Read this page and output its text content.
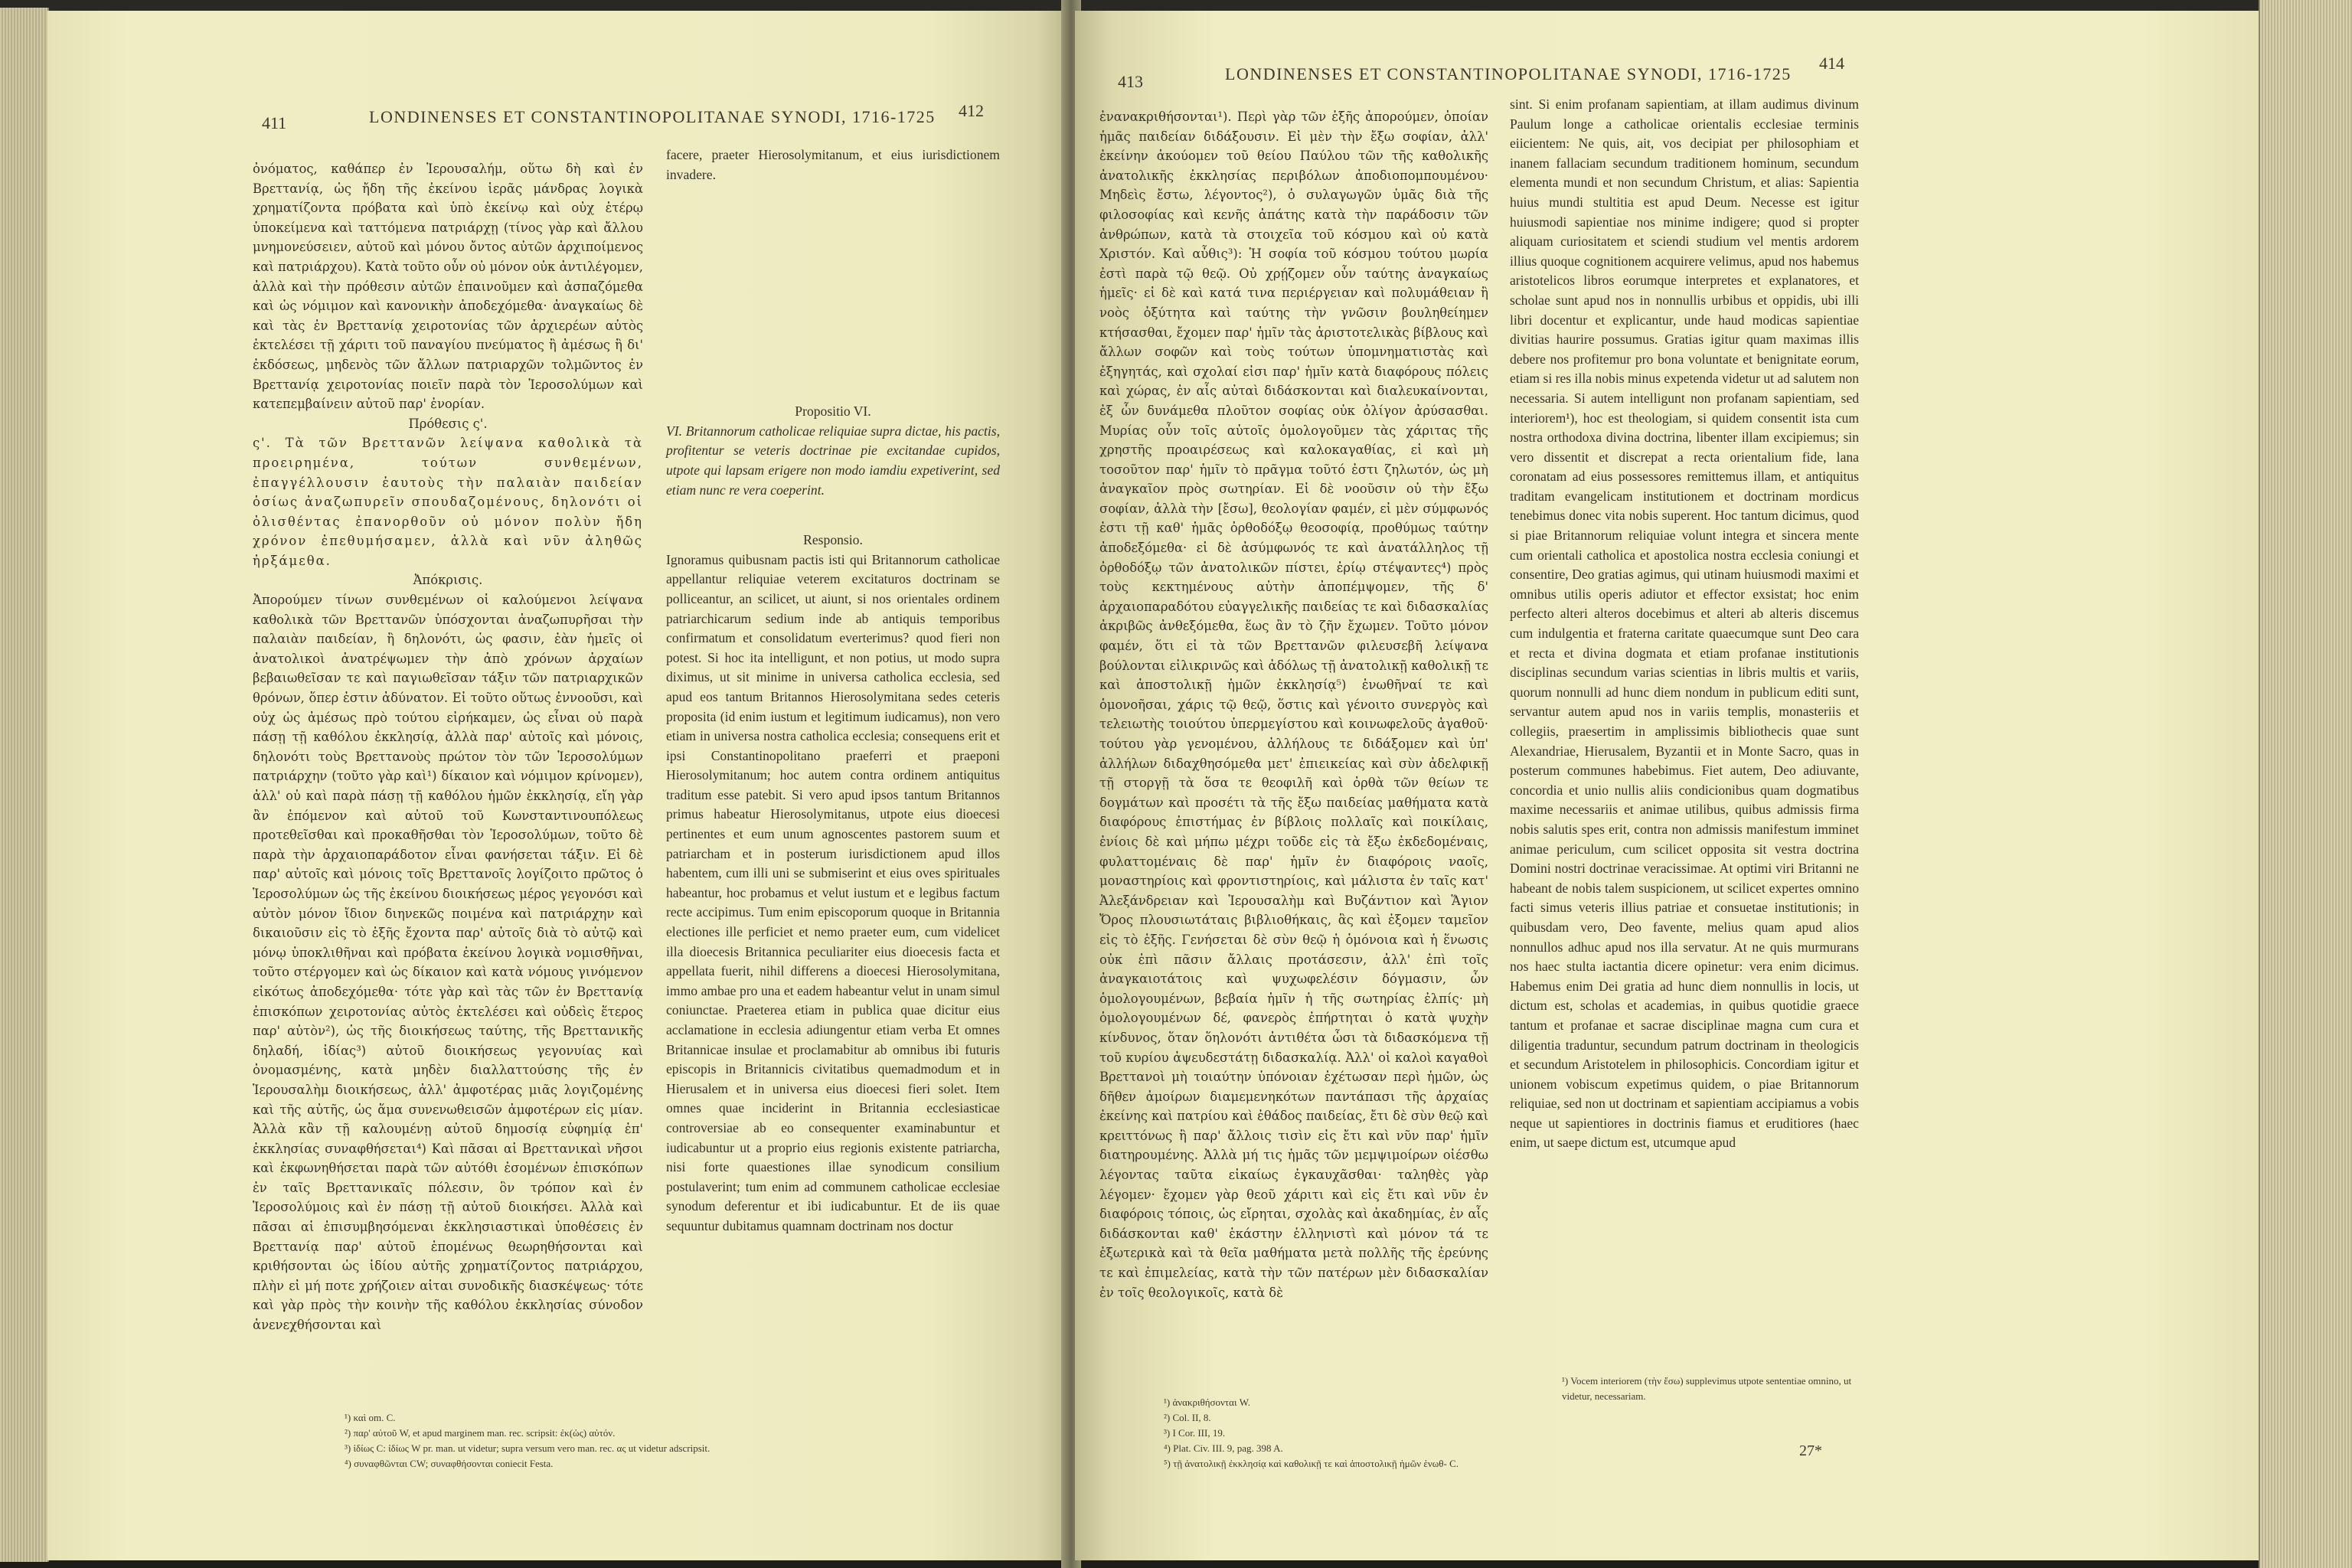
411	LONDINENSES ET CONSTANTINOPOLITANAE SYNODI, 1716-1725 412

ὀνόματος, καθάπερ ἐν Ἱερουσαλήμ, οὕτω δὴ καὶ ἐν Βρεττανίᾳ, ὡς ἤδη τῆς ἐκείνου ἱερᾶς μάνδρας λογικὰ χρηματίζοντα πρόβατα καὶ ὑπὸ ἐκείνῳ καὶ οὐχ ἑτέρῳ ὑποκείμενα καὶ ταττόμενα πατριάρχῃ (τίνος γὰρ καὶ ἄλλου μνημονεύσειεν, αὐτοῦ καὶ μόνου ὄντος αὐτῶν ἀρχιποίμενος καὶ πατριάρχου). Κατὰ τοῦτο οὖν οὐ μόνον οὐκ ἀντιλέγομεν, ἀλλὰ καὶ τὴν πρόθεσιν αὐτῶν ἐπαινοῦμεν καὶ ἀσπαζόμεθα καὶ ὡς νόμιμον καὶ κανονικὴν ἀποδεχόμεθα· ἀναγκαίως δὲ καὶ τὰς ἐν Βρεττανίᾳ χειροτονίας τῶν ἀρχιερέων αὐτὸς ἐκτελέσει τῇ χάριτι τοῦ παναγίου πνεύματος ἢ ἀμέσως ἢ δι' ἐκδόσεως, μηδενὸς τῶν ἄλλων πατριαρχῶν τολμῶντος ἐν Βρεττανίᾳ χειροτονίας ποιεῖν παρὰ τὸν Ἱεροσολύμων καὶ κατεπεμβαίνειν αὐτοῦ παρ' ἐνορίαν.

Πρόθεσις ς'.

ς'. Τὰ τῶν Βρεττανῶν λείψανα καθολικὰ τὰ προειρημένα, τούτων συνθεμένων, ἐπαγγέλλουσιν ἑαυτοὺς τὴν παλαιὰν παιδείαν ὁσίως ἀναζωπυρεῖν σπουδαζομένους, δηλονότι οἱ ὀλισθέντας ἐπανορθοῦν οὐ μόνον πολὺν ἤδη χρόνον ἐπεθυμήσαμεν, ἀλλὰ καὶ νῦν ἀληθῶς ἠρξάμεθα.

Ἀπόκρισις.

Ἀπορούμεν τίνων συνθεμένων οἱ καλούμενοι λείψανα καθολικὰ τῶν Βρεττανῶν ὑπόσχονται ἀναζωπυρῆσαι τὴν παλαιὰν παιδείαν, ἢ δηλονότι, ὡς φασιν, ἐὰν ἡμεῖς οἱ ἀνατολικοὶ ἀνατρέψωμεν τὴν ἀπὸ χρόνων ἀρχαίων βεβαιωθεῖσαν τε καὶ παγιωθεῖσαν τάξιν τῶν πατριαρχικῶν θρόνων, ὅπερ ἐστιν ἀδύνατον. Εἰ τοῦτο οὕτως ἐννοοῦσι, καὶ οὐχ ὡς ἀμέσως πρὸ τούτου εἰρήκαμεν, ὡς εἶναι οὐ παρὰ πάσῃ τῇ καθόλου ἐκκλησίᾳ, ἀλλὰ παρ' αὐτοῖς καὶ μόνοις, δηλονότι τοὺς Βρεττανοὺς πρώτον τὸν τῶν Ἱεροσολύμων πατριάρχην (τοῦτο γὰρ καὶ¹) δίκαιον καὶ νόμιμον κρίνομεν), ἀλλ' οὐ καὶ παρὰ πάσῃ τῇ καθόλου ἡμῶν ἐκκλησίᾳ, εἴη γὰρ ἂν ἑπόμενον καὶ αὐτοῦ τοῦ Κωνσταντινουπόλεως προτεθεῖσθαι καὶ προκαθῆσθαι τὸν Ἱεροσολύμων, τοῦτο δὲ παρὰ τὴν ἀρχαιοπαράδοτον εἶναι φανήσεται τάξιν. Εἰ δὲ παρ' αὐτοῖς καὶ μόνοις τοῖς Βρεττανοῖς λογίζοιτο πρῶτος ὁ Ἱεροσολύμων ὡς τῆς ἐκείνου διοικήσεως μέρος γεγονόσι καὶ αὐτὸν μόνον ἴδιον διηνεκῶς ποιμένα καὶ πατριάρχην καὶ δικαιοῦσιν εἰς τὸ ἑξῆς ἔχοντα παρ' αὐτοῖς διὰ τὸ αὐτῷ καὶ μόνῳ ὑποκλιθῆναι καὶ πρόβατα ἐκείνου λογικὰ νομισθῆναι, τοῦτο στέργομεν καὶ ὡς δίκαιον καὶ κατὰ νόμους γινόμενον εἰκότως ἀποδεχόμεθα· τότε γὰρ καὶ τὰς τῶν ἐν Βρεττανίᾳ ἐπισκόπων χειροτονίας αὐτὸς ἐκτελέσει καὶ οὐδεὶς ἕτερος παρ' αὐτὸν²), ὡς τῆς διοικήσεως ταύτης, τῆς Βρεττανικῆς δηλαδή, ἰδίας³) αὐτοῦ διοικήσεως γεγονυίας καὶ ὀνομασμένης, κατὰ μηδὲν διαλλαττούσης τῆς ἐν Ἱερουσαλὴμ διοικήσεως, ἀλλ' ἀμφοτέρας μιᾶς λογιζομένης καὶ τῆς αὐτῆς, ὡς ἅμα συνενωθεισῶν ἀμφοτέρων εἰς μίαν. Ἀλλὰ κἂν τῇ καλουμένῃ αὐτοῦ δημοσίᾳ εὐφημίᾳ ἐπ' ἐκκλησίας συναφθήσεται⁴) Καὶ πᾶσαι αἱ Βρεττανικαὶ νῆσοι καὶ ἐκφωνηθήσεται παρὰ τῶν αὐτόθι ἐσομένων ἐπισκόπων ἐν ταῖς Βρεττανικαῖς πόλεσιν, ὃν τρόπον καὶ ἐν Ἱεροσολύμοις καὶ ἐν πάσῃ τῇ αὐτοῦ διοικήσει. Ἀλλὰ καὶ πᾶσαι αἱ ἐπισυμβησόμεναι ἐκκλησιαστικαὶ ὑποθέσεις ἐν Βρεττανίᾳ παρ' αὐτοῦ ἑπομένως θεωρηθήσονται καὶ κριθήσονται ὡς ἰδίου αὐτῆς χρηματίζοντος πατριάρχου, πλὴν εἰ μή ποτε χρήζοιεν αἱται συνοδικῆς διασκέψεως· τότε καὶ γὰρ πρὸς τὴν κοινὴν τῆς καθόλου ἐκκλησίας σύνοδον ἀνενεχθήσονται καὶ

facere, praeter Hierosolymitanum, et eius iurisdictionem invadere.

Propositio VI.

VI. Britannorum catholicae reliquiae supra dictae, his pactis, profitentur se veteris doctrinae pie excitandae cupidos, utpote qui lapsam erigere non modo iamdiu expetiverint, sed etiam nunc re vera coeperint.

Responsio.

Ignoramus quibusnam pactis isti qui Britannorum catholicae appellantur reliquiae veterem excitaturos doctrinam se polliceantur, an scilicet, ut aiunt, si nos orientales ordinem patriarchicarum sedium inde ab antiquis temporibus confirmatum et consolidatum everterimus? quod fieri non potest. Si hoc ita intelligunt, et non potius, ut modo supra diximus, ut sit minime in universa catholica ecclesia, sed apud eos tantum Britannos Hierosolymitana sedes ceteris proposita (id enim iustum et legitimum iudicamus), non vero etiam in universa nostra catholica ecclesia; consequens erit et ipsi Constantinopolitano praeferri et praeponi Hierosolymitanum; hoc autem contra ordinem antiquitus traditum esse patebit. Si vero apud ipsos tantum Britannos primus habeatur Hierosolymitanus, utpote eius dioecesi pertinentes et eum unum agnoscentes pastorem suum et patriarcham et in posterum iurisdictionem apud illos habentem, cum illi uni se submiserint et eius oves spirituales habeantur, hoc probamus et velut iustum et e legibus factum recte accipimus. Tum enim episcoporum quoque in Britannia electiones ille perficiet et nemo praeter eum, cum videlicet illa dioecesis Britannica peculiariter eius dioecesis facta et appellata fuerit, nihil differens a dioecesi Hierosolymitana, immo ambae pro una et eadem habeantur velut in unam simul coniunctae. Praeterea etiam in publica quae dicitur eius acclamatione in ecclesia adiungentur etiam verba Et omnes Britannicae insulae et proclamabitur ab omnibus ibi futuris episcopis in Britannicis civitatibus quemadmodum et in Hierusalem et in universa eius dioecesi fieri solet. Item omnes quae inciderint in Britannia ecclesiasticae controversiae ab eo consequenter examinabuntur et iudicabuntur ut a proprio eius regionis existente patriarcha, nisi forte quaestiones illae synodicum consilium postulaverint; tum enim ad communem catholicae ecclesiae synodum deferentur et ibi iudicabuntur. Et de iis quae sequuntur dubitamus quamnam doctrinam nos doctur

¹) καὶ om. C.
²) παρ' αὐτοῦ W, et apud marginem man. rec. scripsit: ἐκ(ὡς) αὐτόν.
³) ἰδίως C: ἰδίως W pr. man. ut videtur; supra versum vero man. rec. ας ut videtur adscripsit.
⁴) συναφθῶνται CW; συναφθήσονται coniecit Festa.
413	LONDINENSES ET CONSTANTINOPOLITANAE SYNODI, 1716-1725
414

ἐνανακριθήσονται¹). Περὶ γὰρ τῶν ἑξῆς ἀπορούμεν, ὁποίαν ἡμᾶς παιδείαν διδάξουσιν. Εἰ μὲν τὴν ἔξω σοφίαν, ἀλλ' ἐκείνην ἀκούομεν τοῦ θείου Παύλου τῶν τῆς καθολικῆς ἀνατολικῆς ἐκκλησίας περιβόλων ἀποδιοπομπουμένου· Μηδεὶς ἔστω, λέγοντος²), ὁ συλαγωγῶν ὑμᾶς διὰ τῆς φιλοσοφίας καὶ κενῆς ἀπάτης κατὰ τὴν παράδοσιν τῶν ἀνθρώπων, κατὰ τὰ στοιχεῖα τοῦ κόσμου καὶ οὐ κατὰ Χριστόν. Καὶ αὖθις³): Ἡ σοφία τοῦ κόσμου τούτου μωρία ἐστὶ παρὰ τῷ θεῷ. Οὐ χρῄζομεν οὖν ταύτης ἀναγκαίως ἡμεῖς· εἰ δὲ καὶ κατά τινα περιέργειαν καὶ πολυμάθειαν ἢ νοὸς ὀξύτητα καὶ ταύτης τὴν γνῶσιν βουληθείημεν κτήσασθαι, ἔχομεν παρ' ἡμῖν τὰς ἀριστοτελικὰς βίβλους καὶ ἄλλων σοφῶν καὶ τοὺς τούτων ὑπομνηματιστὰς καὶ ἐξηγητάς, καὶ σχολαί εἰσι παρ' ἡμῖν κατὰ διαφόρους πόλεις καὶ χώρας, ἐν αἷς αὐταὶ διδάσκονται καὶ διαλευκαίνονται, ἐξ ὧν δυνάμεθα πλοῦτον σοφίας οὐκ ὀλίγον ἀρύσασθαι. Μυρίας οὖν τοῖς αὐτοῖς ὁμολογοῦμεν τὰς χάριτας τῆς χρηστῆς προαιρέσεως καὶ καλοκαγαθίας, εἰ καὶ μὴ τοσοῦτον παρ' ἡμῖν τὸ πρᾶγμα τοῦτό ἐστι ζηλωτόν, ὡς μὴ ἀναγκαῖον πρὸς σωτηρίαν. Εἰ δὲ νοοῦσιν οὐ τὴν ἔξω σοφίαν, ἀλλὰ τὴν [ἔσω], θεολογίαν φαμέν, εἰ μὲν σύμφωνός ἐστι τῇ καθ' ἡμᾶς ὀρθοδόξῳ θεοσοφίᾳ, προθύμως ταύτην ἀποδεξόμεθα· εἰ δὲ ἀσύμφωνός τε καὶ ἀνατάλληλος τῇ ὀρθοδόξῳ τῶν ἀνατολικῶν πίστει, ἐρίῳ στέψαντες⁴) πρὸς τοὺς κεκτημένους αὐτὴν ἀποπέμψομεν, τῆς δ' ἀρχαιοπαραδότου εὐαγγελικῆς παιδείας τε καὶ διδασκαλίας ἀκριβῶς ἀνθεξόμεθα, ἕως ἂν τὸ ζῆν ἔχωμεν. Τοῦτο μόνον φαμέν, ὅτι εἰ τὰ τῶν Βρεττανῶν φιλευσεβῆ λείψανα βούλονται εἰλικρινῶς καὶ ἀδόλως τῇ ἀνατολικῇ καθολικῇ τε καὶ ἀποστολικῇ ἡμῶν ἐκκλησίᾳ⁵) ἑνωθῆναί τε καὶ ὁμονοῆσαι, χάρις τῷ θεῷ, ὅστις καὶ γένοιτο συνεργὸς καὶ τελειωτὴς τοιούτου ὑπερμεγίστου καὶ κοινωφελοῦς ἀγαθοῦ· τούτου γὰρ γενομένου, ἀλλήλους τε διδάξομεν καὶ ὑπ' ἀλλήλων διδαχθησόμεθα μετ' ἐπιεικείας καὶ σὺν ἀδελφικῇ τῇ στοργῇ τὰ ὅσα τε θεοφιλῆ καὶ ὀρθὰ τῶν θείων τε δογμάτων καὶ προσέτι τὰ τῆς ἔξω παιδείας μαθήματα κατὰ διαφόρους ἐπιστήμας ἐν βίβλοις πολλαῖς καὶ ποικίλαις, ἐνίοις δὲ καὶ μήπω μέχρι τοῦδε εἰς τὰ ἔξω ἐκδεδομέναις, φυλαττομέναις δὲ παρ' ἡμῖν ἐν διαφόροις ναοῖς, μοναστηρίοις καὶ φροντιστηρίοις, καὶ μάλιστα ἐν ταῖς κατ' Ἀλεξάνδρειαν καὶ Ἱερουσαλὴμ καὶ Βυζάντιον καὶ Ἅγιον Ὄρος πλουσιωτάταις βιβλιοθήκαις, ἃς καὶ ἐξομεν ταμεῖον εἰς τὸ ἑξῆς. Γενήσεται δὲ σὺν θεῷ ἡ ὁμόνοια καὶ ἡ ἕνωσις οὐκ ἐπὶ πᾶσιν ἄλλαις προτάσεσιν, ἀλλ' ἐπὶ τοῖς ἀναγκαιοτάτοις καὶ ψυχωφελέσιν δόγμασιν, ὧν ὁμολογουμένων, βεβαία ἡμῖν ἡ τῆς σωτηρίας ἐλπίς· μὴ ὁμολογουμένων δέ, φανερὸς ἐπήρτηται ὁ κατὰ ψυχὴν κίνδυνος, ὅταν ὅηλονότι ἀντιθέτα ὦσι τὰ διδασκόμενα τῇ τοῦ κυρίου ἀψευδεστάτῃ διδασκαλίᾳ. Ἀλλ' οἱ καλοὶ καγαθοὶ Βρεττανοὶ μὴ τοιαύτην ὑπόνοιαν ἐχέτωσαν περὶ ἡμῶν, ὡς δῆθεν ἀμοίρων διαμεμενηκότων παντάπασι τῆς ἀρχαίας ἐκείνης καὶ πατρίου καὶ ἐθάδος παιδείας, ἔτι δὲ σὺν θεῷ καὶ κρειττόνως ἢ παρ' ἄλλοις τισὶν εἰς ἔτι καὶ νῦν παρ' ἡμῖν διατηρουμένης. Ἀλλὰ μή τις ἡμᾶς τῶν μεμψιμοίρων οἰέσθω λέγοντας ταῦτα εἰκαίως ἐγκαυχᾶσθαι· ταληθὲς γὰρ λέγομεν· ἔχομεν γὰρ θεοῦ χάριτι καὶ εἰς ἔτι καὶ νῦν ἐν διαφόροις τόποις, ὡς εἴρηται, σχολὰς καὶ ἀκαδημίας, ἐν αἷς διδάσκονται καθ' ἑκάστην ἑλληνιστὶ καὶ μόνον τά τε ἐξωτερικὰ καὶ τὰ θεῖα μαθήματα μετὰ πολλῆς τῆς ἐρεύνης τε καὶ ἐπιμελείας, κατὰ τὴν τῶν πατέρων μὲν διδασκαλίαν ἐν τοῖς θεολογικοῖς, κατὰ δὲ

sint. Si enim profanam sapientiam, at illam audimus divinum Paulum longe a catholicae orientalis ecclesiae terminis eiicientem: Ne quis, ait, vos decipiat per philosophiam et inanem fallaciam secundum traditionem hominum, secundum elementa mundi et non secundum Christum, et alias: Sapientia huius mundi stultitia est apud Deum. Necesse est igitur huiusmodi sapientiae nos minime indigere; quod si propter aliquam curiositatem et sciendi studium vel mentis ardorem illius quoque cognitionem acquirere velimus, apud nos habemus aristotelicos libros eorumque interpretes et explanatores, et scholae sunt apud nos in nonnullis urbibus et oppidis, ubi illi libri docentur et explicantur, unde haud modicas sapientiae divitias haurire possumus. Gratias igitur quam maximas illis debere nos profitemur pro bona voluntate et benignitate eorum, etiam si res illa nobis minus expetenda videtur ut ad salutem non necessaria. Si autem intelligunt non profanam sapientiam, sed interiorem¹), hoc est theologiam, si quidem consentit ista cum nostra orthodoxa divina doctrina, libenter illam excipiemus; sin vero dissentit et discrepat a recta orientalium fide, lana coronatam ad eius possessores remittemus illam, et antiquitus traditam evangelicam institutionem et doctrinam mordicus tenebimus donec vita nobis superent. Hoc tantum dicimus, quod si piae Britannorum reliquiae volunt integra et sincera mente cum orientali catholica et apostolica nostra ecclesia coniungi et consentire, Deo gratias agimus, qui utinam huiusmodi maximi et omnibus utilis operis adiutor et effector exsistat; hoc enim perfecto alteri alteros docebimus et alteri ab alteris discemus cum indulgentia et fraterna caritate quaecumque sunt Deo cara et recta et divina dogmata et etiam profanae institutionis disciplinas secundum varias scientias in libris multis et variis, quorum nonnulli ad hunc diem nondum in publicum editi sunt, servantur autem apud nos in variis templis, monasteriis et collegiis, praesertim in amplissimis bibliothecis quae sunt Alexandriae, Hierusalem, Byzantii et in Monte Sacro, quas in posterum communes habebimus. Fiet autem, Deo adiuvante, concordia et unio nullis aliis condicionibus quam dogmatibus maxime necessariis et animae utilibus, quibus admissis firma nobis salutis spes erit, contra non admissis manifestum imminet animae periculum, cum scilicet opposita sit vestra doctrina Domini nostri doctrinae veracissimae. At optimi viri Britanni ne habeant de nobis talem suspicionem, ut scilicet expertes omnino facti simus veteris illius patriae et consuetae institutionis; in quibusdam vero, Deo favente, melius quam apud alios nonnullos adhuc apud nos illa servatur. At ne quis murmurans nos haec stulta iactantia dicere opinetur: vera enim dicimus. Habemus enim Dei gratia ad hunc diem nonnullis in locis, ut dictum est, scholas et academias, in quibus quotidie graece tantum et profanae et sacrae disciplinae magna cum cura et diligentia traduntur, secundum patrum doctrinam in theologicis et secundum Aristotelem in philosophicis. Concordiam igitur et unionem vobiscum expetimus quidem, o piae Britannorum reliquiae, sed non ut doctrinam et sapientiam accipiamus a vobis neque ut sapientiores in doctrinis fiamus et eruditiores (haec enim, ut saepe dictum est, utcumque apud

¹) ἀνακριθήσονται W.
²) Col. II, 8.
³) I Cor. III, 19.
⁴) Plat. Civ. III. 9, pag. 398 A.
⁵) τῇ ἀνατολικῇ ἐκκλησίᾳ καὶ καθολικῇ τε καὶ ἀποστολικῇ ἡμῶν ἑνωθ- C.
¹) Vocem interiorem (τὴν ἔσω) supplevimus utpote sententiae omnino, ut videtur, necessariam.
27*
